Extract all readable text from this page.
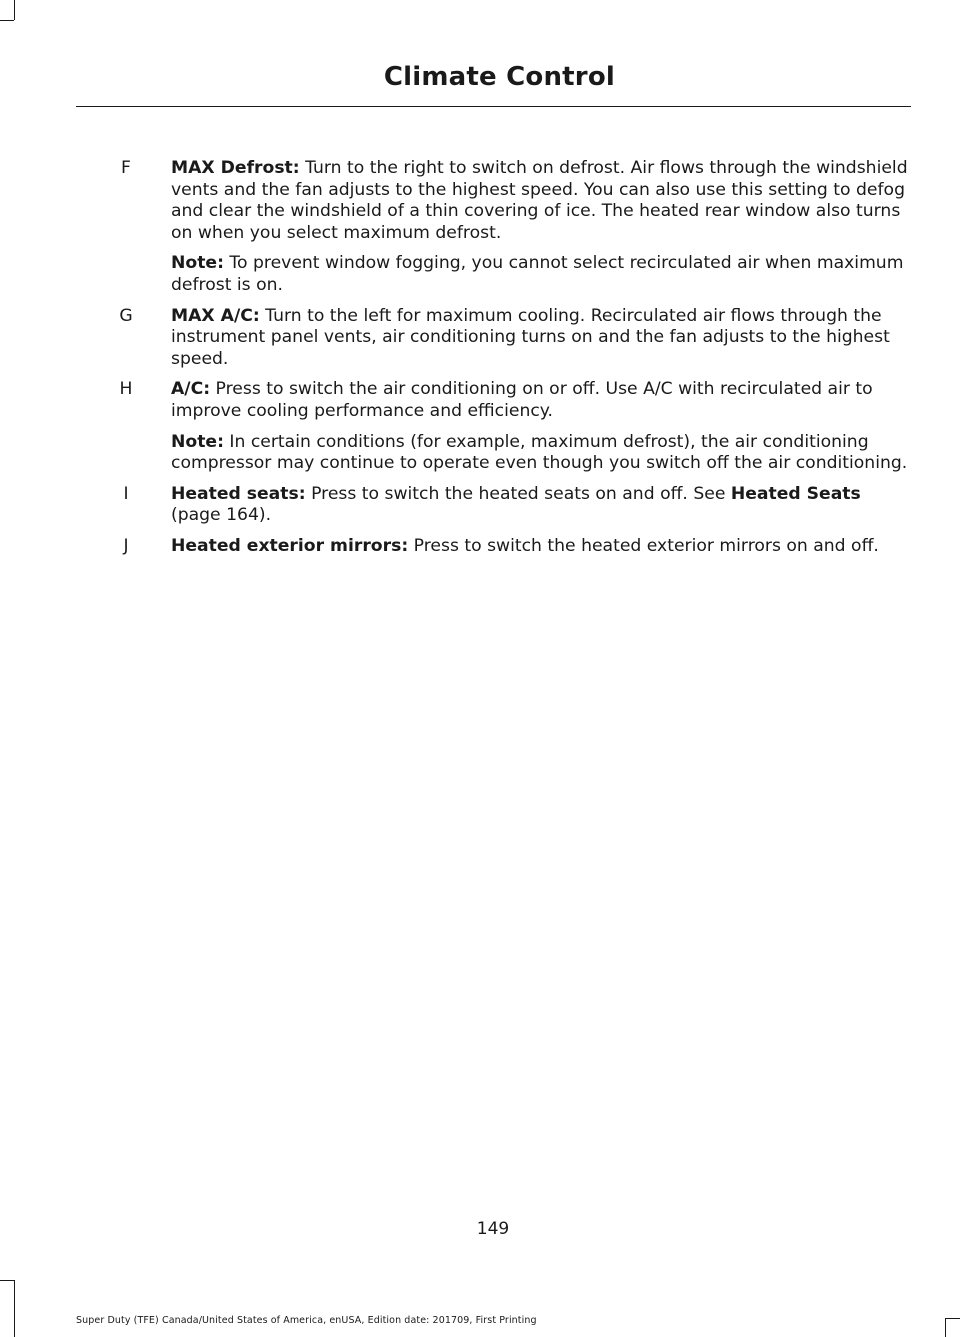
Climate Control
F MAX Defrost: Turn to the right to switch on defrost. Air flows through the windshield vents and the fan adjusts to the highest speed. You can also use this setting to defog and clear the windshield of a thin covering of ice. The heated rear window also turns on when you select maximum defrost.

Note: To prevent window fogging, you cannot select recirculated air when maximum defrost is on.

G MAX A/C: Turn to the left for maximum cooling. Recirculated air flows through the instrument panel vents, air conditioning turns on and the fan adjusts to the highest speed.

H A/C: Press to switch the air conditioning on or off. Use A/C with recirculated air to improve cooling performance and efficiency.

Note: In certain conditions (for example, maximum defrost), the air conditioning compressor may continue to operate even though you switch off the air conditioning.

I	Heated seats: Press to switch the heated seats on and off. See Heated Seats (page 164).

J	Heated exterior mirrors: Press to switch the heated exterior mirrors on and off.

149
Super Duty (TFE) Canada/United States of America, enUSA, Edition date: 201709, First Printing
